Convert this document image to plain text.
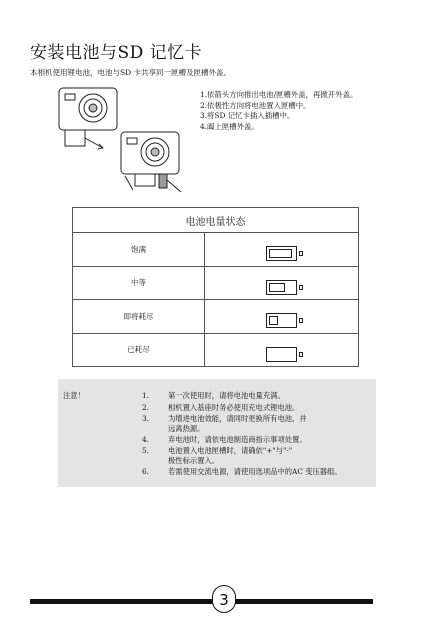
安装电池与SD 记忆卡
本相机使用锂电池，电池与SD 卡共享同一匣槽及匣槽外盖。
1.依箭头方向推出电池/匣槽外盖，再掀开外盖。
2.依极性方向将电池置入匣槽中。
3.将SD 记忆卡插入插槽中。
4.阖上匣槽外盖。
电池电量状态	
饱满	

中等	

即将耗尽	

已耗尽	
注意！	1.	第一次使用时，请将电池电量充满。
2.	相机置入基座时务必使用充电式锂电池。
3.	为增进电池效能，请同时更换所有电池，并
远离热源。
4.	弃电池时，请依电池制造商指示事项处置。
5.	电池置入电池匣槽时，请确依"+"与"-"
极性标示置入。
6.	若需使用交流电源，请使用选项品中的AC 变压器组。
3
